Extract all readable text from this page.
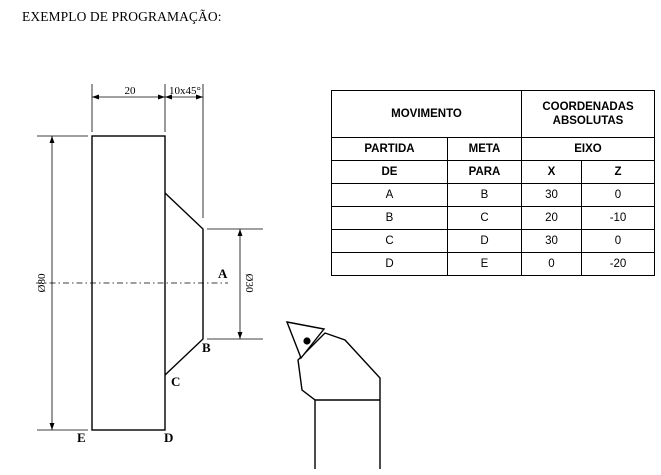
EXEMPLO DE PROGRAMAÇÃO:
20	10x45°
Ø80	Ø30
A
B
C
D
E
MOVIMENTO		COORDENADAS
ABSOLUTAS	
PARTIDA	META	EIXO	
DE	PARA	X	Z
A	B	30	0
B	C	20	-10
C	D	30	0
D	E	0	-20
